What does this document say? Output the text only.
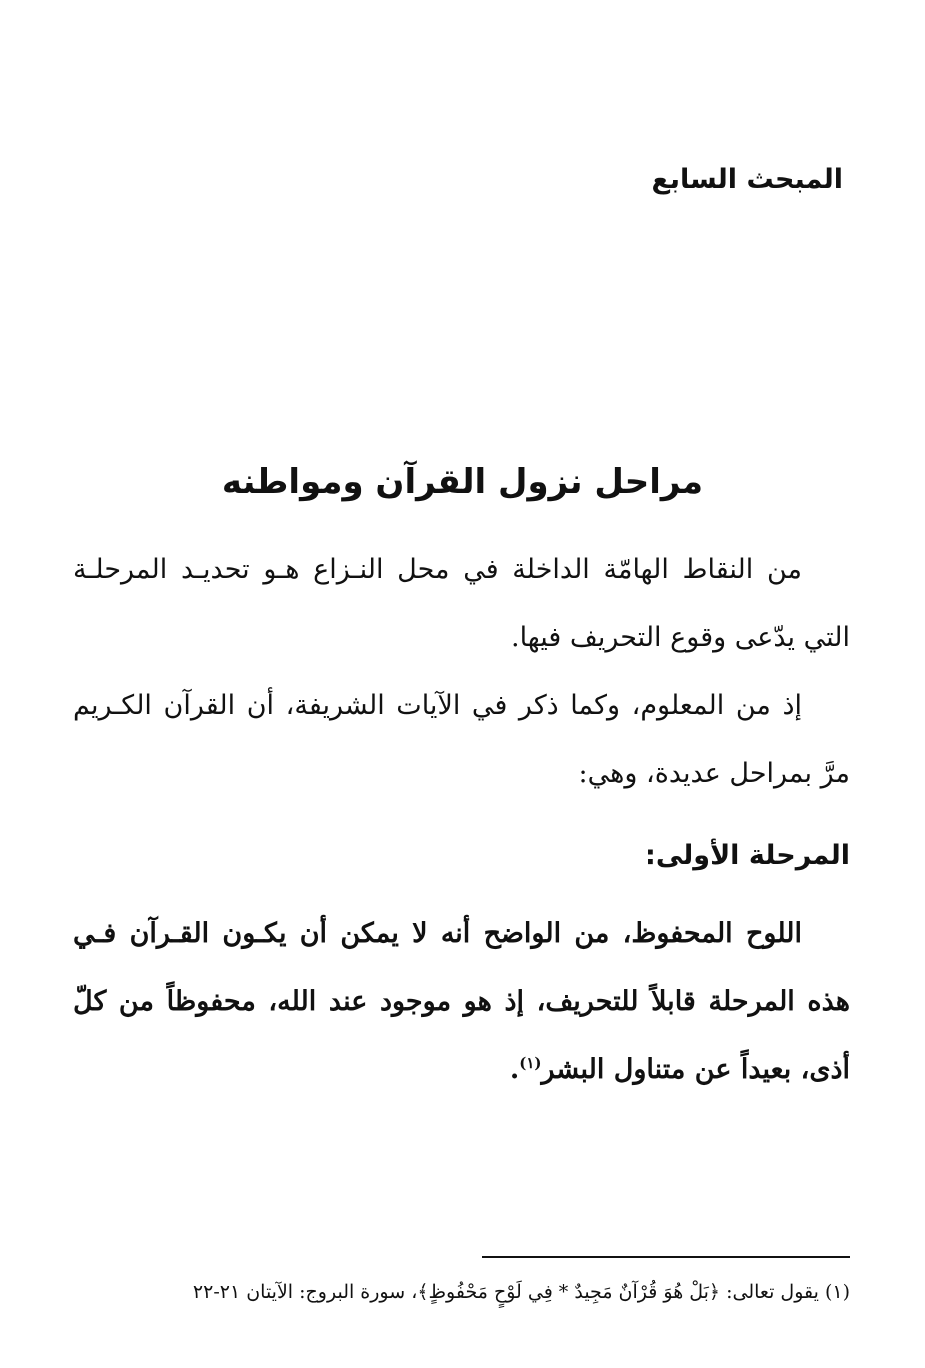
المبحث السابع
مراحل نزول القرآن ومواطنه
من النقاط الهامّة الداخلة في محل النـزاع هـو تحديـد المرحلـة التي يدّعى وقوع التحريف فيها.
إذ من المعلوم، وكما ذكر في الآيات الشريفة، أن القرآن الكـريم مرَّ بمراحل عديدة، وهي:
المرحلة الأولى:
اللوح المحفوظ، من الواضح أنه لا يمكن أن يكـون القـرآن فـي هذه المرحلة قابلاً للتحريف، إذ هو موجود عند الله، محفوظاً من كلّ أذى، بعيداً عن متناول البشر$^{(١)}$.
(١)يقول تعالى: ﴿بَلْ هُوَ قُرْآنٌ مَجِيدٌ * فِي لَوْحٍ مَحْفُوظٍ﴾، سورة البروج: الآيتان ٢١-٢٢
